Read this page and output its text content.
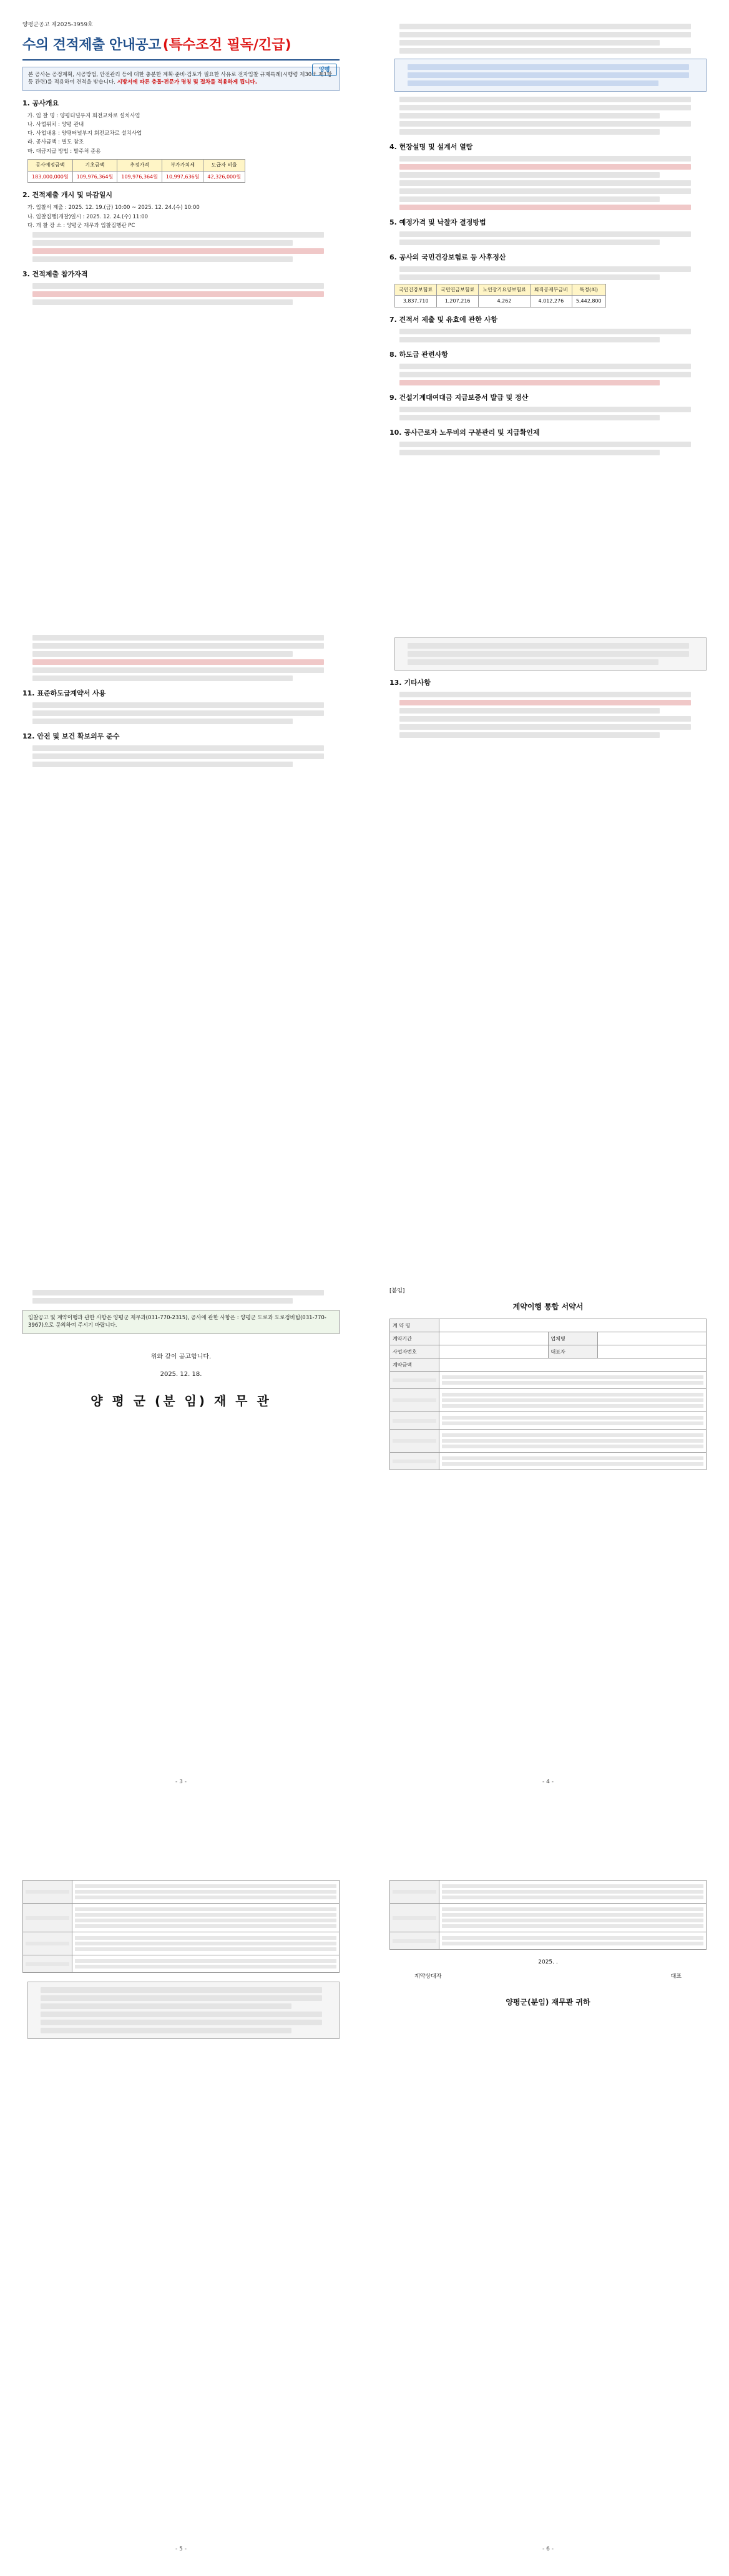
양평군공고 제2025-3959호
수의 견적제출 안내공고 (특수조건 필독/긴급)
양평
본 공사는 공정계획, 시공방법, 안전관리 등에 대한 충분한 계획·준비·검토가 필요한 사유로 전자입찰 규제특례(시행령 제30조 제1항 등 관련)를 적용하여 견적을 받습니다. 시방서에 따른 충돌·전문가 명칭 및 절차를 적용하게 됩니다.
1. 공사개요
가. 입 찰 명 : 양평터널부지 회전교차로 설치사업
나. 사업위치 : 양평 관내
다. 사업내용 : 양평터널부지 회전교차로 설치사업
라. 공사금액 : 별도 참조
마. 대금지급 방법 : 발주처 준용
공사예정금액	기초금액	추정가격	부가가치세	도급자 비율
183,000,000원	109,976,364원	109,976,364원	10,997,636원	42,326,000원
2. 견적제출 개시 및 마감일시
가. 입찰서 제출 : 2025. 12. 19.(금) 10:00 ~ 2025. 12. 24.(수) 10:00
나. 입찰집행(개찰)일시 : 2025. 12. 24.(수) 11:00
다. 개 찰 장 소 : 양평군 재무과 입찰집행관 PC
3. 견적제출 참가자격
4. 현장설명 및 설계서 열람
5. 예정가격 및 낙찰자 결정방법
6. 공사의 국민건강보험료 등 사후정산
국민건강보험료	국민연금보험료	노인장기요양보험료	퇴직공제부금비	특정(최)
3,837,710	1,207,216	4,262	4,012,276	5,442,800
7. 견적서 제출 및 유효에 관한 사항
8. 하도급 관련사항
9. 건설기계대여대금 지급보증서 발급 및 정산
10. 공사근로자 노무비의 구분관리 및 지급확인제
11. 표준하도급계약서 사용
12. 안전 및 보건 확보의무 준수
13. 기타사항
입찰공고 및 계약이행과 관한 사항은 양평군 재무과(031-770-2315), 공사에 관한 사항은 : 양평군 도로과 도로정비팀(031-770-3967)으로 문의하여 주시기 바랍니다.
위와 같이 공고합니다.
2025. 12. 18.
양 평 군 (분 임) 재 무 관
- 3 -
[붙임]
계약이행 통합 서약서
계 약 명			
계약기간		업체명	
사업자번호		대표자	
계약금액			

- 4 -

- 5 -

2025. .
계약상대자	대표
양평군(분임) 재무관 귀하
- 6 -
